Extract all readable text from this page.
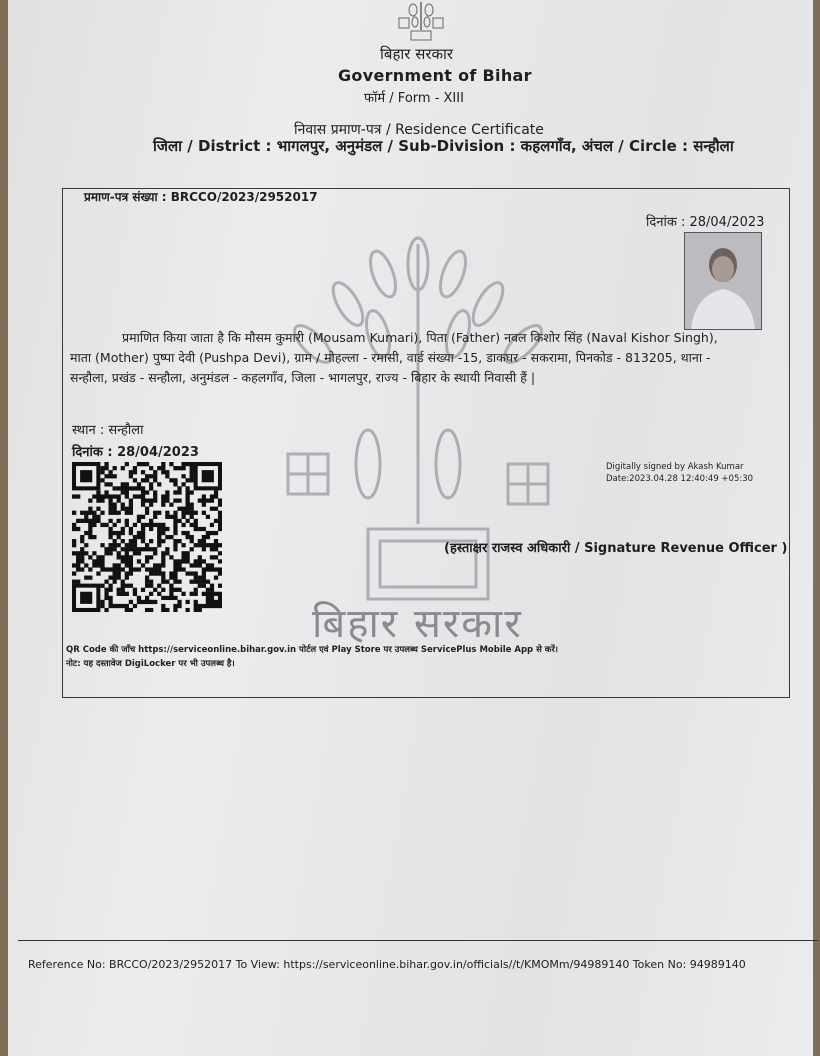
बिहार सरकार
Government of Bihar
फॉर्म / Form - XIII
निवास प्रमाण-पत्र / Residence Certificate
जिला / District : भागलपुर, अनुमंडल / Sub-Division : कहलगाँव, अंचल / Circle : सन्हौला
बिहार सरकार
प्रमाण-पत्र संख्या : BRCCO/2023/2952017
दिनांक : 28/04/2023

प्रमाणित किया जाता है कि मौसम कुमारी (Mousam Kumari), पिता (Father) नवल किशोर सिंह (Naval Kishor Singh),

माता (Mother) पुष्पा देवी (Pushpa Devi), ग्राम / मोहल्ला - रमासी, वार्ड संख्या -15, डाकघर - सकरामा, पिनकोड - 813205, थाना -

सन्हौला, प्रखंड - सन्हौला, अनुमंडल - कहलगाँव, जिला - भागलपुर, राज्य - बिहार के स्थायी निवासी हैं |

स्थान : सन्हौला
दिनांक : 28/04/2023
Digitally signed by Akash Kumar
Date:2023.04.28 12:40:49 +05:30
(हस्ताक्षर राजस्व अधिकारी / Signature Revenue Officer )
QR Code की जाँच https://serviceonline.bihar.gov.in पोर्टल एवं Play Store पर उपलब्ध ServicePlus Mobile App से करें।
नोट: यह दस्तावेज DigiLocker पर भी उपलब्ध है।
Reference No: BRCCO/2023/2952017 To View: https://serviceonline.bihar.gov.in/officials//t/KMOMm/94989140 Token No: 94989140
